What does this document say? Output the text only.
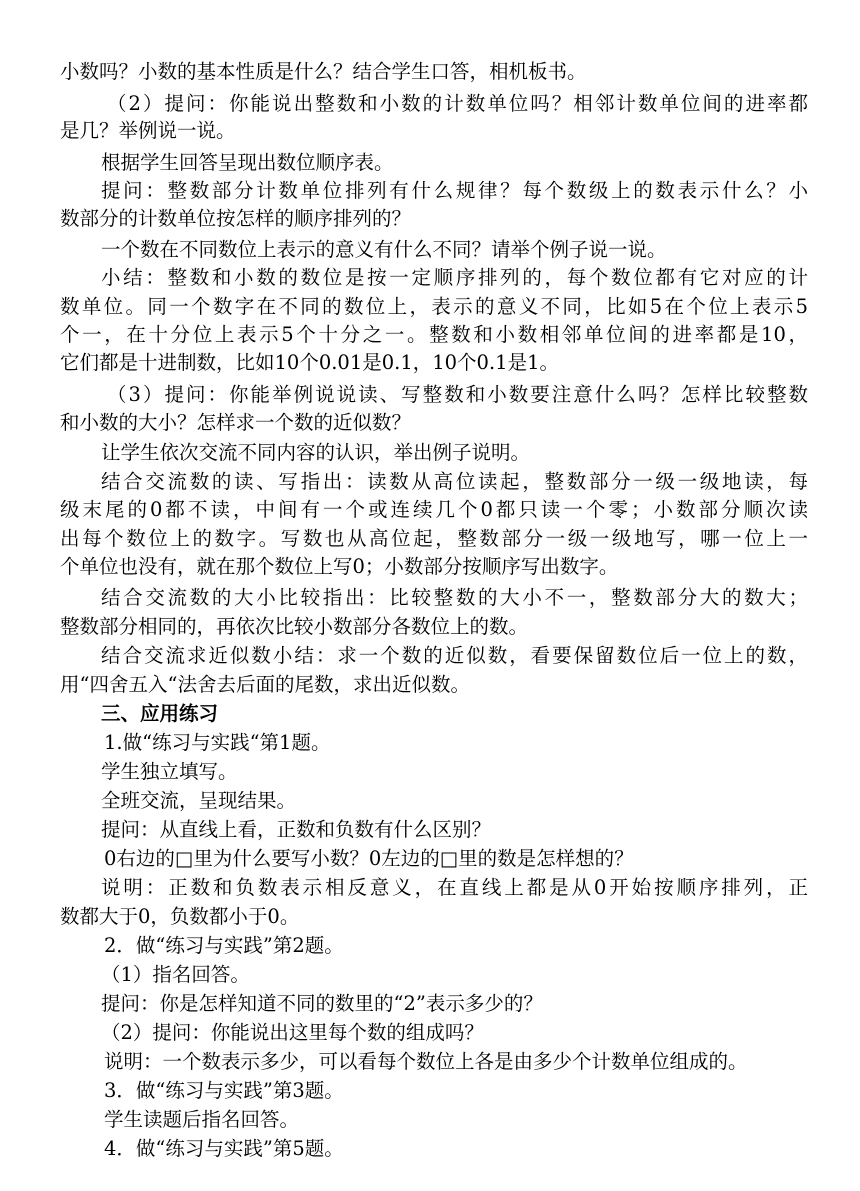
小数吗？小数的基本性质是什么？结合学生口答，相机板书。
（2）提问：你能说出整数和小数的计数单位吗？相邻计数单位间的进率都
是几？举例说一说。
根据学生回答呈现出数位顺序表。
提问：整数部分计数单位排列有什么规律？每个数级上的数表示什么？小
数部分的计数单位按怎样的顺序排列的？
一个数在不同数位上表示的意义有什么不同？请举个例子说一说。
小结：整数和小数的数位是按一定顺序排列的，每个数位都有它对应的计
数单位。同一个数字在不同的数位上，表示的意义不同，比如5在个位上表示5
个一，在十分位上表示5个十分之一。整数和小数相邻单位间的进率都是10，
它们都是十进制数，比如10个0.01是0.1，10个0.1是1。
（3）提问：你能举例说说读、写整数和小数要注意什么吗？怎样比较整数
和小数的大小？怎样求一个数的近似数？
让学生依次交流不同内容的认识，举出例子说明。
结合交流数的读、写指出：读数从高位读起，整数部分一级一级地读，每
级末尾的0都不读，中间有一个或连续几个0都只读一个零；小数部分顺次读
出每个数位上的数字。写数也从高位起，整数部分一级一级地写，哪一位上一
个单位也没有，就在那个数位上写0；小数部分按顺序写出数字。
结合交流数的大小比较指出：比较整数的大小不一，整数部分大的数大；
整数部分相同的，再依次比较小数部分各数位上的数。
结合交流求近似数小结：求一个数的近似数，看要保留数位后一位上的数，
用“四舍五入“法舍去后面的尾数，求出近似数。
三、应用练习
1.做“练习与实践“第1题。
学生独立填写。
全班交流，呈现结果。
提问：从直线上看，正数和负数有什么区别？
0右边的□里为什么要写小数？0左边的□里的数是怎样想的？
说明：正数和负数表示相反意义，在直线上都是从0开始按顺序排列，正
数都大于0，负数都小于0。
2．做“练习与实践”第2题。
（1）指名回答。
提问：你是怎样知道不同的数里的“2”表示多少的？
（2）提问：你能说出这里每个数的组成吗？
说明：一个数表示多少，可以看每个数位上各是由多少个计数单位组成的。
3．做“练习与实践”第3题。
学生读题后指名回答。
4．做“练习与实践”第5题。
